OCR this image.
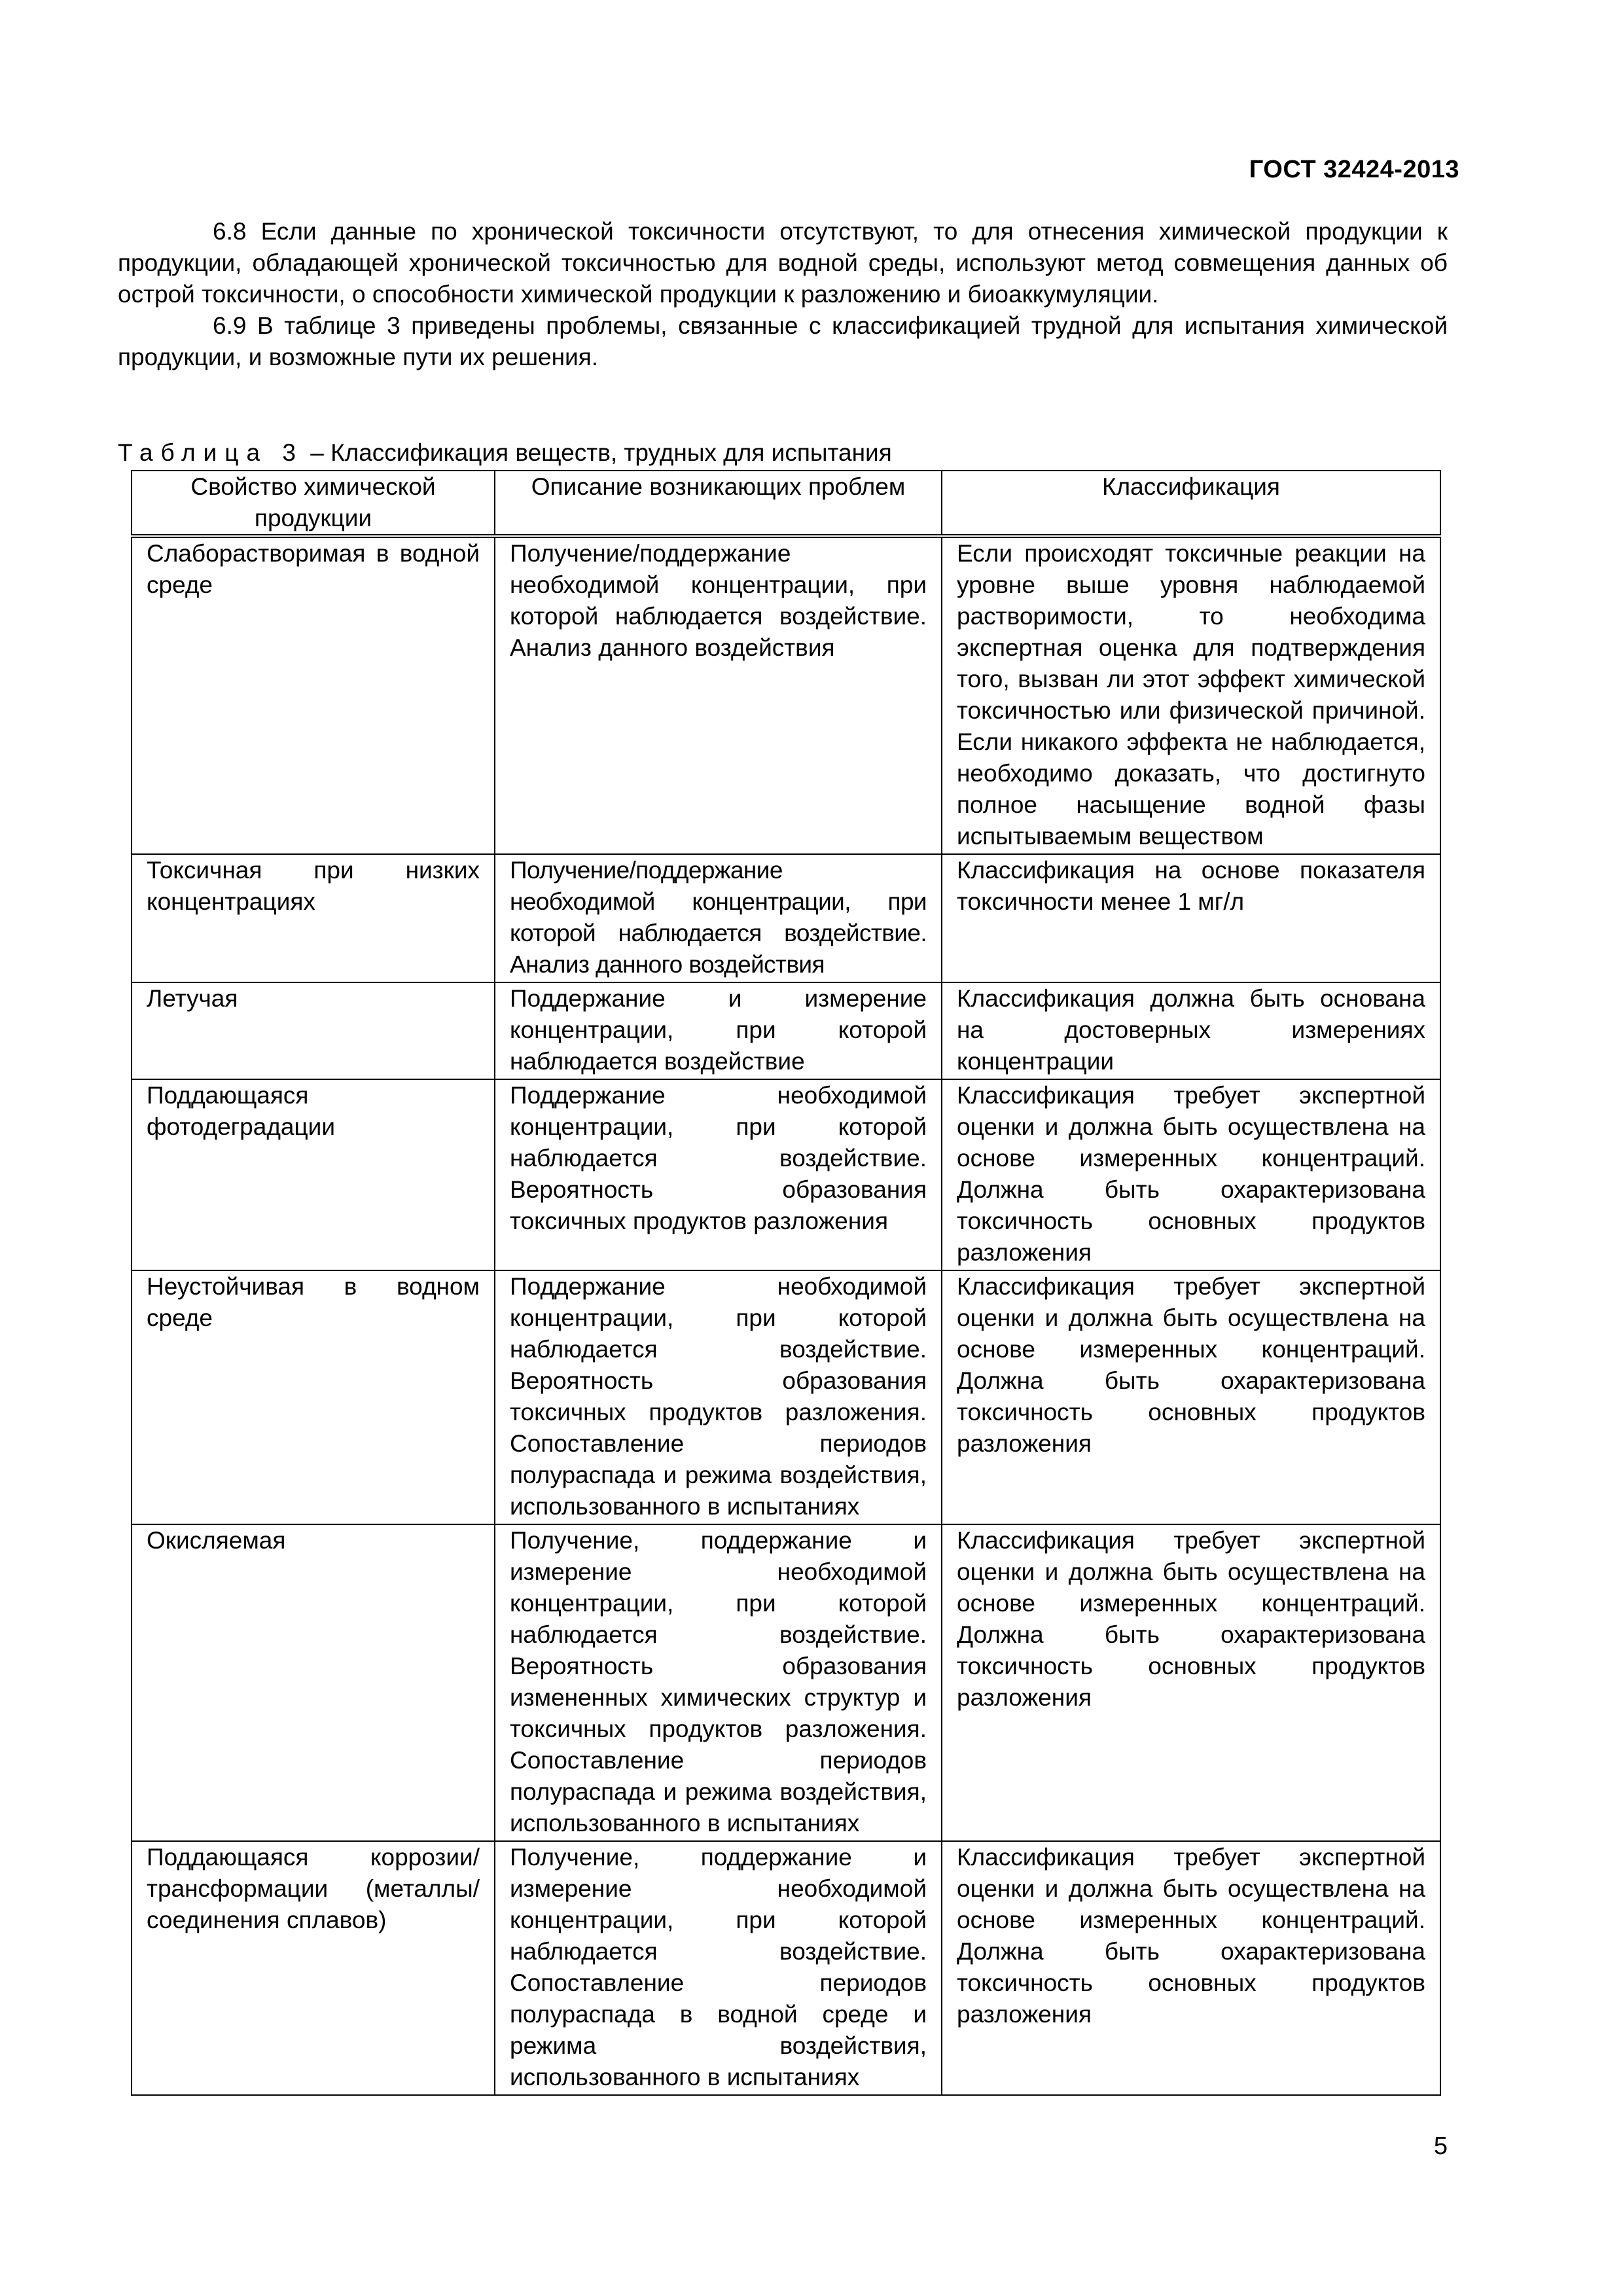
ГОСТ 32424-2013

6.8 Если данные по хронической токсичности отсутствуют, то для отнесения химической продукции к продукции, обладающей хронической токсичностью для водной среды, используют метод совмещения данных об острой токсичности, о способности химической продукции к разложению и биоаккумуляции.

6.9 В таблице 3 приведены проблемы, связанные с классификацией трудной для испытания химической продукции, и возможные пути их решения.

Таблица 3 – Классификация веществ, трудных для испытания
Свойство химической продукции	Описание возникающих проблем	Классификация
Слаборастворимая в водной среде	Получение/поддержание необходимой концентрации, при которой наблюдается воздействие. Анализ данного воздействия	Если происходят токсичные реакции на уровне выше уровня наблюдаемой растворимости, то необходима экспертная оценка для подтверждения того, вызван ли этот эффект химической токсичностью или физической причиной. Если никакого эффекта не наблюдается, необходимо доказать, что достигнуто полное насыщение водной фазы испытываемым веществом
Токсичная при низких концентрациях	Получение/поддержание необходимой концентрации, при которой наблюдается воздействие. Анализ данного воздействия	Классификация на основе показателя токсичности менее 1 мг/л
Летучая	Поддержание и измерение концентрации, при которой наблюдается воздействие	Классификация должна быть основана на достоверных измерениях концентрации
Поддающаяся фотодеградации	Поддержание необходимой концентрации, при которой наблюдается воздействие. Вероятность образования токсичных продуктов разложения	Классификация требует экспертной оценки и должна быть осуществлена на основе измеренных концентраций. Должна быть охарактеризована токсичность основных продуктов разложения
Неустойчивая в водном среде	Поддержание необходимой концентрации, при которой наблюдается воздействие. Вероятность образования токсичных продуктов разложения. Сопоставление периодов полураспада и режима воздействия, использованного в испытаниях	Классификация требует экспертной оценки и должна быть осуществлена на основе измеренных концентраций. Должна быть охарактеризована токсичность основных продуктов разложения
Окисляемая	Получение, поддержание и измерение необходимой концентрации, при которой наблюдается воздействие. Вероятность образования измененных химических структур и токсичных продуктов разложения. Сопоставление периодов полураспада и режима воздействия, использованного в испытаниях	Классификация требует экспертной оценки и должна быть осуществлена на основе измеренных концентраций. Должна быть охарактеризована токсичность основных продуктов разложения
Поддающаяся коррозии/трансформации (металлы/соединения сплавов)	Получение, поддержание и измерение необходимой концентрации, при которой наблюдается воздействие. Сопоставление периодов полураспада в водной среде и режима воздействия, использованного в испытаниях	Классификация требует экспертной оценки и должна быть осуществлена на основе измеренных концентраций. Должна быть охарактеризована токсичность основных продуктов разложения
5
